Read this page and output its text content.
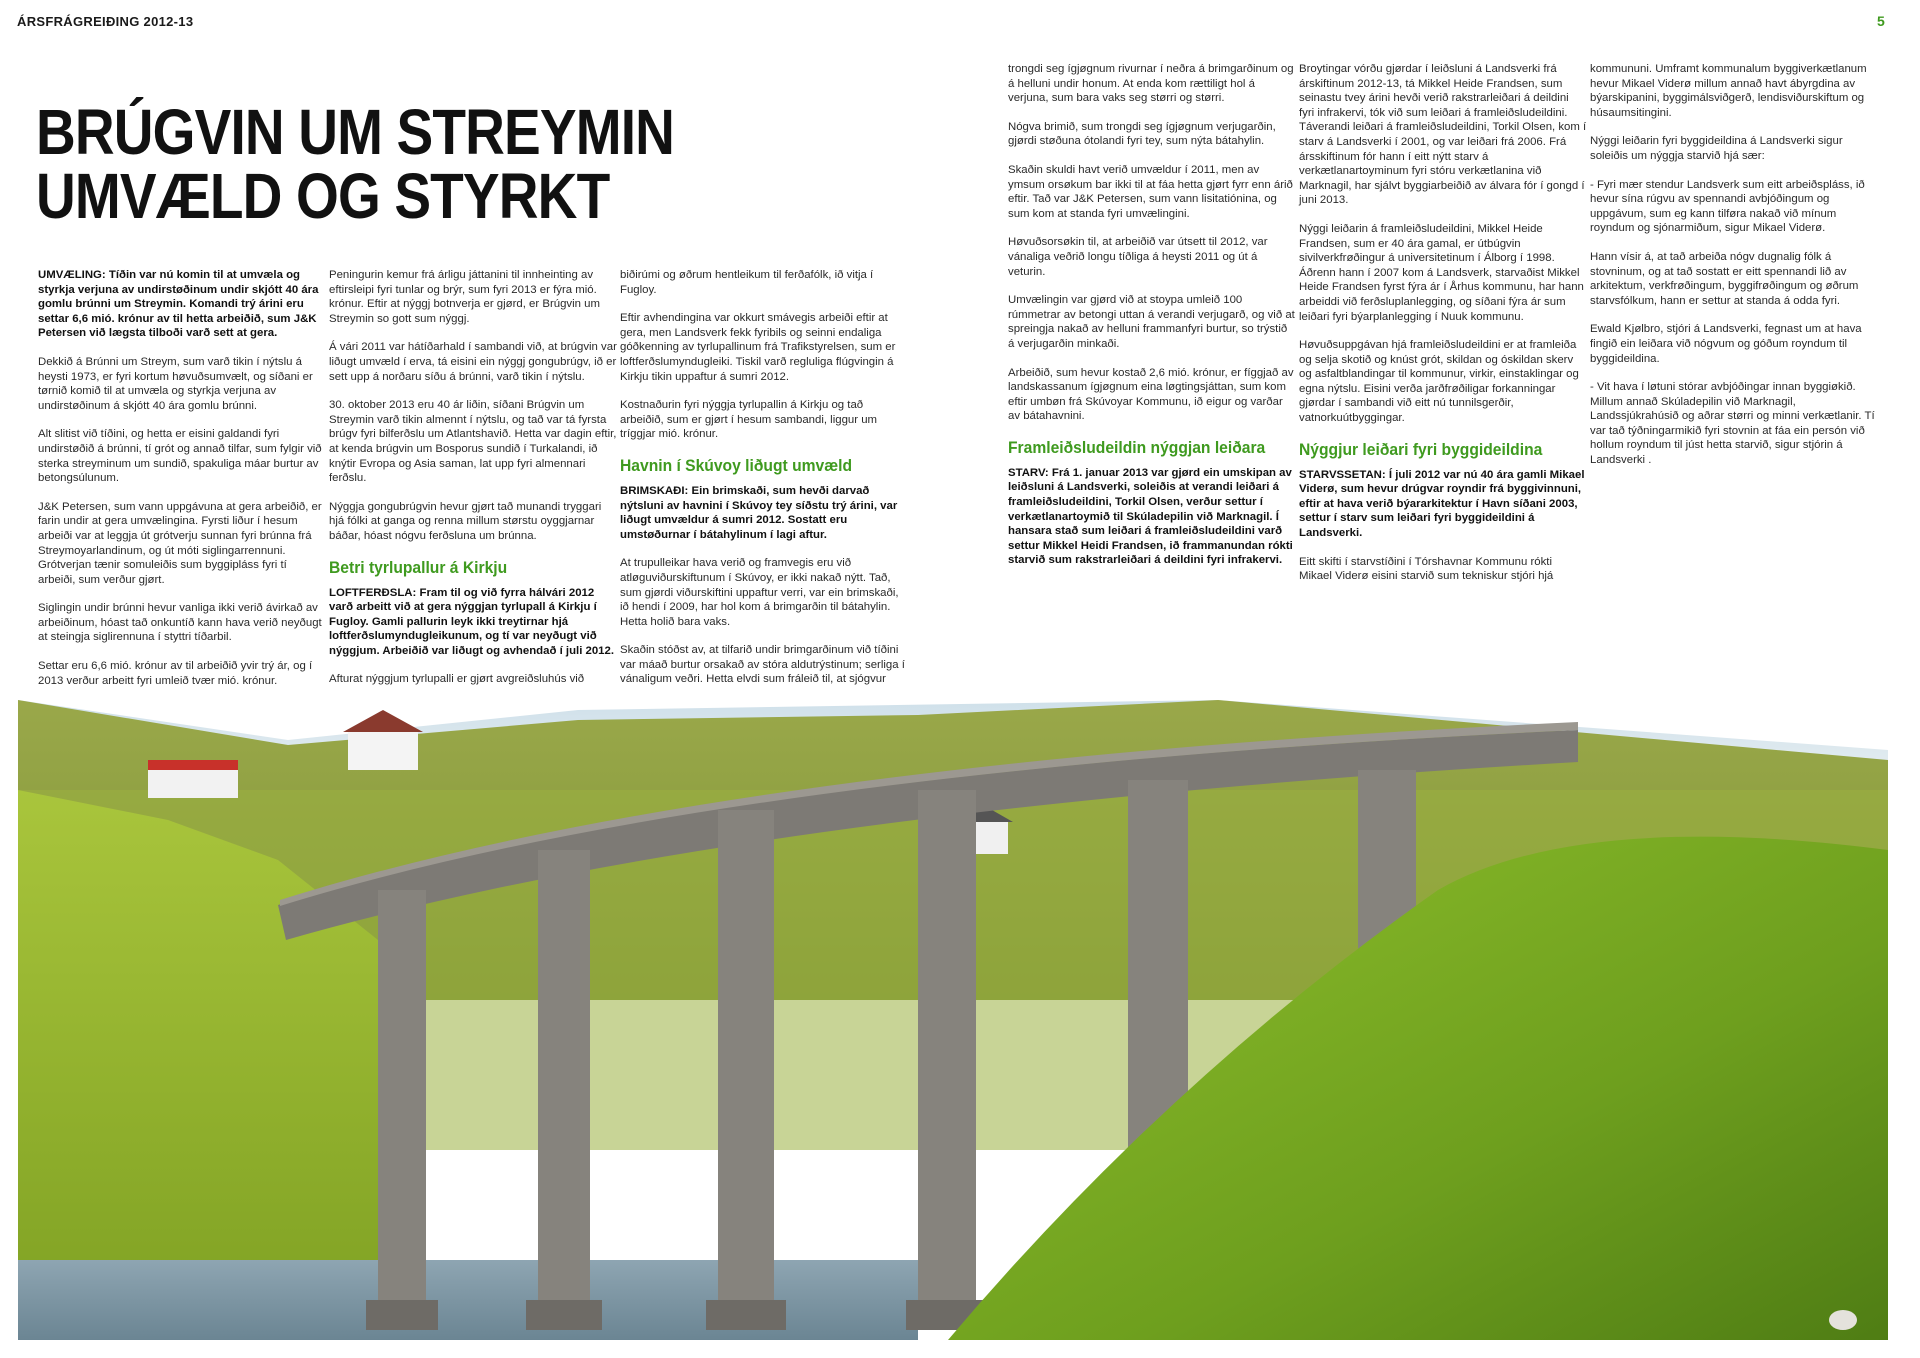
ÁRSFRÁGREIÐING 2012-13	5
BRÚGVIN UM STREYMIN
UMVÆLD OG STYRKT

UMVÆLING: Tíðin var nú komin til at umvæla og styrkja verjuna av undirstøðinum undir skjótt 40 ára gomlu brúnni um Streymin. Komandi trý árini eru settar 6,6 mió. krónur av til hetta arbeiðið, sum J&K Petersen við lægsta tilboði varð sett at gera.

Dekkið á Brúnni um Streym, sum varð tikin í nýtslu á heysti 1973, er fyri kortum høvuðsumvælt, og síðani er tørnið komið til at umvæla og styrkja verjuna av undirstøðinum á skjótt 40 ára gomlu brúnni.

Alt slitist við tíðini, og hetta er eisini galdandi fyri undirstøðið á brúnni, tí grót og annað tilfar, sum fylgir við sterka streyminum um sundið, spakuliga máar burtur av betongsúlunum.

J&K Petersen, sum vann uppgávuna at gera arbeiðið, er farin undir at gera umvælingina. Fyrsti liður í hesum arbeiði var at leggja út grótverju sunnan fyri brúnna frá Streymoyarlandinum, og út móti siglingarrennuni. Grótverjan tænir somuleiðis sum byggipláss fyri tí arbeiði, sum verður gjørt.

Siglingin undir brúnni hevur vanliga ikki verið ávirkað av arbeiðinum, hóast tað onkuntíð kann hava verið neyðugt at steingja siglirennuna í styttri tíðarbil.

Settar eru 6,6 mió. krónur av til arbeiðið yvir trý ár, og í 2013 verður arbeitt fyri umleið tvær mió. krónur.

Peningurin kemur frá árligu játtanini til innheinting av eftirsleipi fyri tunlar og brýr, sum fyri 2013 er fýra mió. krónur. Eftir at nýggj botnverja er gjørd, er Brúgvin um Streymin so gott sum nýggj.

Á vári 2011 var hátíðarhald í sambandi við, at brúgvin var liðugt umvæld í erva, tá eisini ein nýggj gongubrúgv, ið er sett upp á norðaru síðu á brúnni, varð tikin í nýtslu.

30. oktober 2013 eru 40 ár liðin, síðani Brúgvin um Streymin varð tikin almennt í nýtslu, og tað var tá fyrsta brúgv fyri bilferðslu um Atlantshavið. Hetta var dagin eftir, at kenda brúgvin um Bosporus sundið í Turkalandi, ið knýtir Evropa og Asia saman, lat upp fyri almennari ferðslu.

Nýggja gongubrúgvin hevur gjørt tað munandi tryggari hjá fólki at ganga og renna millum størstu oyggjarnar báðar, hóast nógvu ferðsluna um brúnna.

Betri tyrlupallur á Kirkju

LOFTFERÐSLA: Fram til og við fyrra hálvári 2012 varð arbeitt við at gera nýggjan tyrlupall á Kirkju í Fugloy. Gamli pallurin leyk ikki treytirnar hjá loftferðslumyndugleikunum, og tí var neyðugt við nýggjum. Arbeiðið var liðugt og avhendað í juli 2012.

Afturat nýggjum tyrlupalli er gjørt avgreiðsluhús við

biðirúmi og øðrum hentleikum til ferðafólk, ið vitja í Fugloy.

Eftir avhendingina var okkurt smávegis arbeiði eftir at gera, men Landsverk fekk fyribils og seinni endaliga góðkenning av tyrlupallinum frá Trafikstyrelsen, sum er loftferðslumyndugleiki. Tiskil varð regluliga flúgvingin á Kirkju tikin uppaftur á sumri 2012.

Kostnaðurin fyri nýggja tyrlupallin á Kirkju og tað arbeiðið, sum er gjørt í hesum sambandi, liggur um tríggjar mió. krónur.

Havnin í Skúvoy liðugt umvæld

BRIMSKAÐI: Ein brimskaði, sum hevði darvað nýtsluni av havnini í Skúvoy tey síðstu trý árini, var liðugt umvældur á sumri 2012. Sostatt eru umstøðurnar í bátahylinum í lagi aftur.

At trupulleikar hava verið og framvegis eru við atløguviðurskiftunum í Skúvoy, er ikki nakað nýtt. Tað, sum gjørdi viðurskiftini uppaftur verri, var ein brimskaði, ið hendi í 2009, har hol kom á brimgarðin til bátahylin. Hetta holið bara vaks.

Skaðin stóðst av, at tilfarið undir brimgarðinum við tíðini var máað burtur orsakað av stóra aldutrýstinum; serliga í vánaligum veðri. Hetta elvdi sum fráleið til, at sjógvur

trongdi seg ígjøgnum rivurnar í neðra á brimgarðinum og á helluni undir honum. At enda kom rættiligt hol á verjuna, sum bara vaks seg størri og størri.

Nógva brimið, sum trongdi seg ígjøgnum verjugarðin, gjørdi støðuna ótolandi fyri tey, sum nýta bátahylin.

Skaðin skuldi havt verið umvældur í 2011, men av ymsum orsøkum bar ikki til at fáa hetta gjørt fyrr enn árið eftir. Tað var J&K Petersen, sum vann lisitatiónina, og sum kom at standa fyri umvælingini.

Høvuðsorsøkin til, at arbeiðið var útsett til 2012, var vánaliga veðrið longu tíðliga á heysti 2011 og út á veturin.

Umvælingin var gjørd við at stoypa umleið 100 rúmmetrar av betongi uttan á verandi verjugarð, og við at spreingja nakað av helluni frammanfyri burtur, so trýstið á verjugarðin minkaði.

Arbeiðið, sum hevur kostað 2,6 mió. krónur, er fíggjað av landskassanum ígjøgnum eina løgtingsjáttan, sum kom eftir umbøn frá Skúvoyar Kommunu, ið eigur og varðar av bátahavnini.

Framleiðsludeildin nýggjan leiðara

STARV: Frá 1. januar 2013 var gjørd ein umskipan av leiðsluni á Landsverki, soleiðis at verandi leiðari á framleiðsludeildini, Torkil Olsen, verður settur í verkætlanartoymið til Skúladepilin við Marknagil. Í hansara stað sum leiðari á framleiðsludeildini varð settur Mikkel Heidi Frandsen, ið frammanundan rókti starvið sum rakstrarleiðari á deildini fyri infrakervi.

Broytingar vórðu gjørdar í leiðsluni á Landsverki frá árskiftinum 2012-13, tá Mikkel Heide Frandsen, sum seinastu tvey árini hevði verið rakstrarleiðari á deildini fyri infrakervi, tók við sum leiðari á framleiðsludeildini. Táverandi leiðari á framleiðsludeildini, Torkil Olsen, kom í starv á Landsverki í 2001, og var leiðari frá 2006. Frá ársskiftinum fór hann í eitt nýtt starv á verkætlanartoyminum fyri stóru verkætlanina við Marknagil, har sjálvt byggiarbeiðið av álvara fór í gongd í juni 2013.

Nýggi leiðarin á framleiðsludeildini, Mikkel Heide Frandsen, sum er 40 ára gamal, er útbúgvin sivilverkfrøðingur á universitetinum í Álborg í 1998. Áðrenn hann í 2007 kom á Landsverk, starvaðist Mikkel Heide Frandsen fyrst fýra ár í Århus kommunu, har hann arbeiddi við ferðsluplanlegging, og síðani fýra ár sum leiðari fyri býarplanlegging í Nuuk kommunu.

Høvuðsuppgávan hjá framleiðsludeildini er at framleiða og selja skotið og knúst grót, skildan og óskildan skerv og asfaltblandingar til kommunur, virkir, einstaklingar og egna nýtslu. Eisini verða jarðfrøðiligar forkanningar gjørdar í sambandi við eitt nú tunnilsgerðir, vatnorkuútbyggingar.

Nýggjur leiðari fyri byggideildina

STARVSSETAN: Í juli 2012 var nú 40 ára gamli Mikael Viderø, sum hevur drúgvar royndir frá byggivinnuni, eftir at hava verið býararkitektur í Havn síðani 2003, settur í starv sum leiðari fyri byggideildini á Landsverki.

Eitt skifti í starvstíðini í Tórshavnar Kommunu rókti Mikael Viderø eisini starvið sum tekniskur stjóri hjá

kommununi. Umframt kommunalum byggiverkætlanum hevur Mikael Viderø millum annað havt ábyrgdina av býarskipanini, byggimálsviðgerð, lendisviðurskiftum og húsaumsitingini.

Nýggi leiðarin fyri byggideildina á Landsverki sigur soleiðis um nýggja starvið hjá sær:

- Fyri mær stendur Landsverk sum eitt arbeiðspláss, ið hevur sína rúgvu av spennandi avbjóðingum og uppgávum, sum eg kann tilføra nakað við mínum royndum og sjónarmiðum, sigur Mikael Viderø.

Hann vísir á, at tað arbeiða nógv dugnalig fólk á stovninum, og at tað sostatt er eitt spennandi lið av arkitektum, verkfrøðingum, byggifrøðingum og øðrum starvsfólkum, hann er settur at standa á odda fyri.

Ewald Kjølbro, stjóri á Landsverki, fegnast um at hava fingið ein leiðara við nógvum og góðum royndum til byggideildina.

- Vit hava í løtuni stórar avbjóðingar innan byggiøkið. Millum annað Skúladepilin við Marknagil, Landssjúkrahúsið og aðrar størri og minni verkætlanir. Tí var tað týðningarmikið fyri stovnin at fáa ein persón við hollum royndum til júst hetta starvið, sigur stjórin á Landsverki .
